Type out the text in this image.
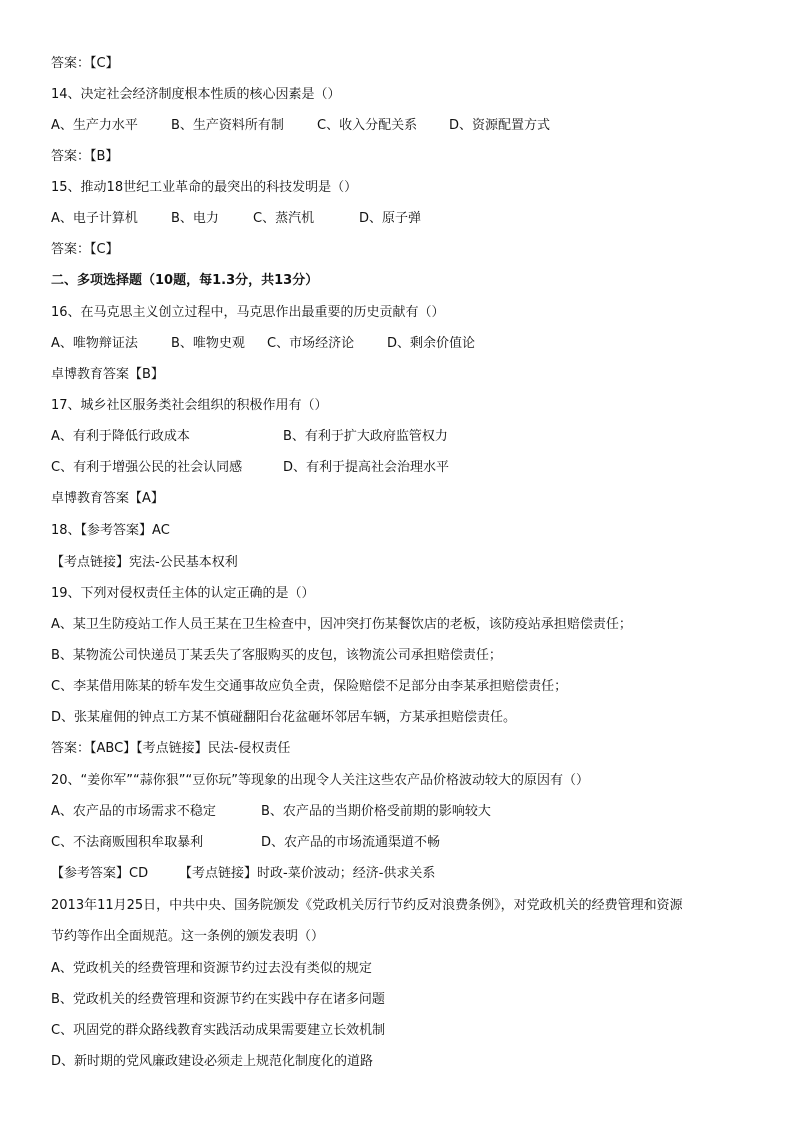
答案：【C】
14、决定社会经济制度根本性质的核心因素是（）
A、生产力水平	B、生产资料所有制	C、收入分配关系 D、资源配置方式
答案：【B】
15、推动18世纪工业革命的最突出的科技发明是（）
A、电子计算机	B、电力	C、蒸汽机	D、原子弹
答案：【C】
二、多项选择题（10题，每1.3分，共13分）
16、在马克思主义创立过程中，马克思作出最重要的历史贡献有（）
A、唯物辩证法	B、唯物史观 C、市场经济论	D、剩余价值论
卓博教育答案【B】
17、城乡社区服务类社会组织的积极作用有（）
A、有利于降低行政成本	B、有利于扩大政府监管权力
C、有利于增强公民的社会认同感	D、有利于提高社会治理水平
卓博教育答案【A】
18、【参考答案】AC
【考点链接】宪法-公民基本权利
19、下列对侵权责任主体的认定正确的是（）
A、某卫生防疫站工作人员王某在卫生检查中，因冲突打伤某餐饮店的老板，该防疫站承担赔偿责任；
B、某物流公司快递员丁某丢失了客服购买的皮包，该物流公司承担赔偿责任；
C、李某借用陈某的轿车发生交通事故应负全责，保险赔偿不足部分由李某承担赔偿责任；
D、张某雇佣的钟点工方某不慎碰翻阳台花盆砸坏邻居车辆，方某承担赔偿责任。
答案：【ABC】【考点链接】民法-侵权责任
20、“姜你军”“蒜你狠”“豆你玩”等现象的出现令人关注这些农产品价格波动较大的原因有（）
A、农产品的市场需求不稳定	B、农产品的当期价格受前期的影响较大
C、不法商贩囤积牟取暴利	D、农产品的市场流通渠道不畅
【参考答案】CD 【考点链接】时政-菜价波动；经济-供求关系
2013年11月25日，中共中央、国务院颁发《党政机关厉行节约反对浪费条例》，对党政机关的经费管理和资源
节约等作出全面规范。这一条例的颁发表明（）
A、党政机关的经费管理和资源节约过去没有类似的规定
B、党政机关的经费管理和资源节约在实践中存在诸多问题
C、巩固党的群众路线教育实践活动成果需要建立长效机制
D、新时期的党风廉政建设必须走上规范化制度化的道路
